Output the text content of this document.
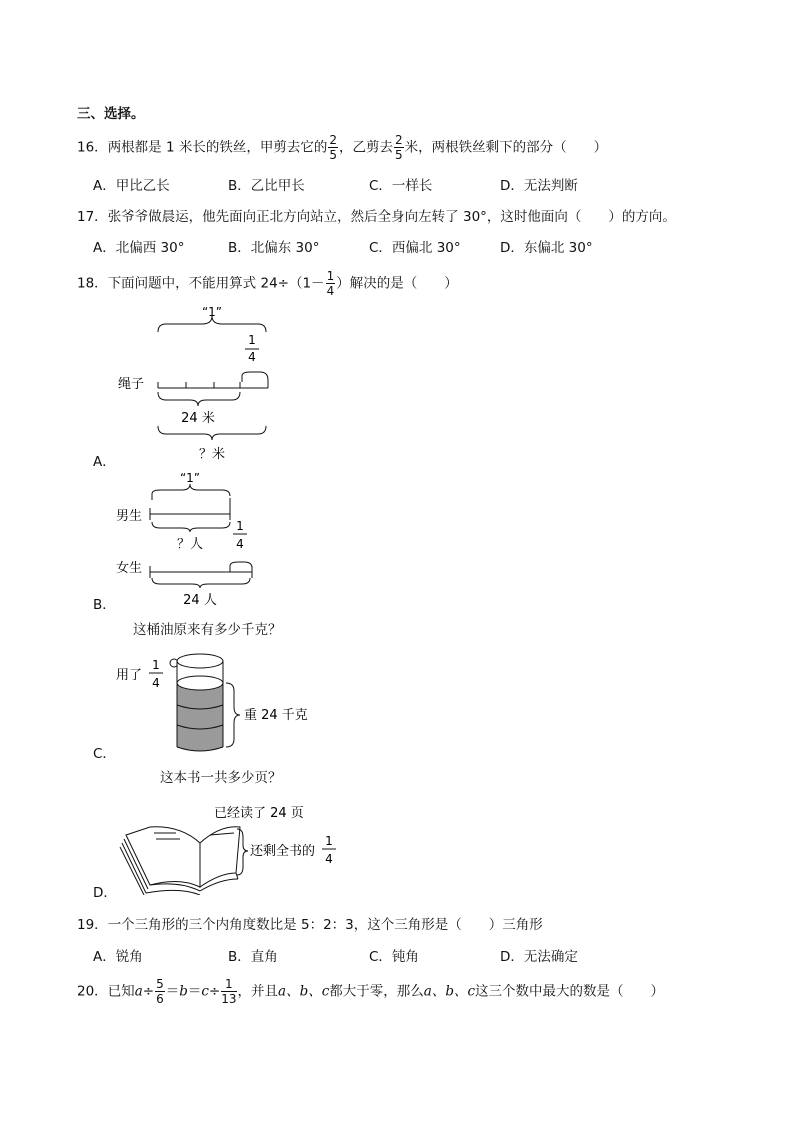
三、选择。
16．两根都是 1 米长的铁丝，甲剪去它的 $\frac{2}{5}$ ，乙剪去 $\frac{2}{5}$ 米，两根铁丝剩下的部分（　　）
A．甲比乙长	B．乙比甲长	C．一样长	D．无法判断
17．张爷爷做晨运，他先面向正北方向站立，然后全身向左转了 30°，这时他面向（　　）的方向。
A．北偏西 30°	B．北偏东 30°	C．西偏北 30°	D．东偏北 30°
18．下面问题中，不能用算式 $24\div(1- \frac{1}{4}$ ）解决的是（　　）
“1”
1
4
绳子
24 米
？米
A．
“1”
男生
？人
1
4
女生
24 人
B．
这桶油原来有多少千克？
用了
1
4
重 24 千克
C．
这本书一共多少页？
已经读了 24 页
还剩全书的
1
4
D．
19．一个三角形的三个内角度数比是 5：2：3，这个三角形是（　　）三角形
A．锐角	B．直角	C．钝角	D．无法确定
20．已知$a\div \frac{5}{6} =b=c\div \frac{1}{13}$ ，并且a、b、c都大于零，那么a、b、c这三个数中最大的数是（　　）
